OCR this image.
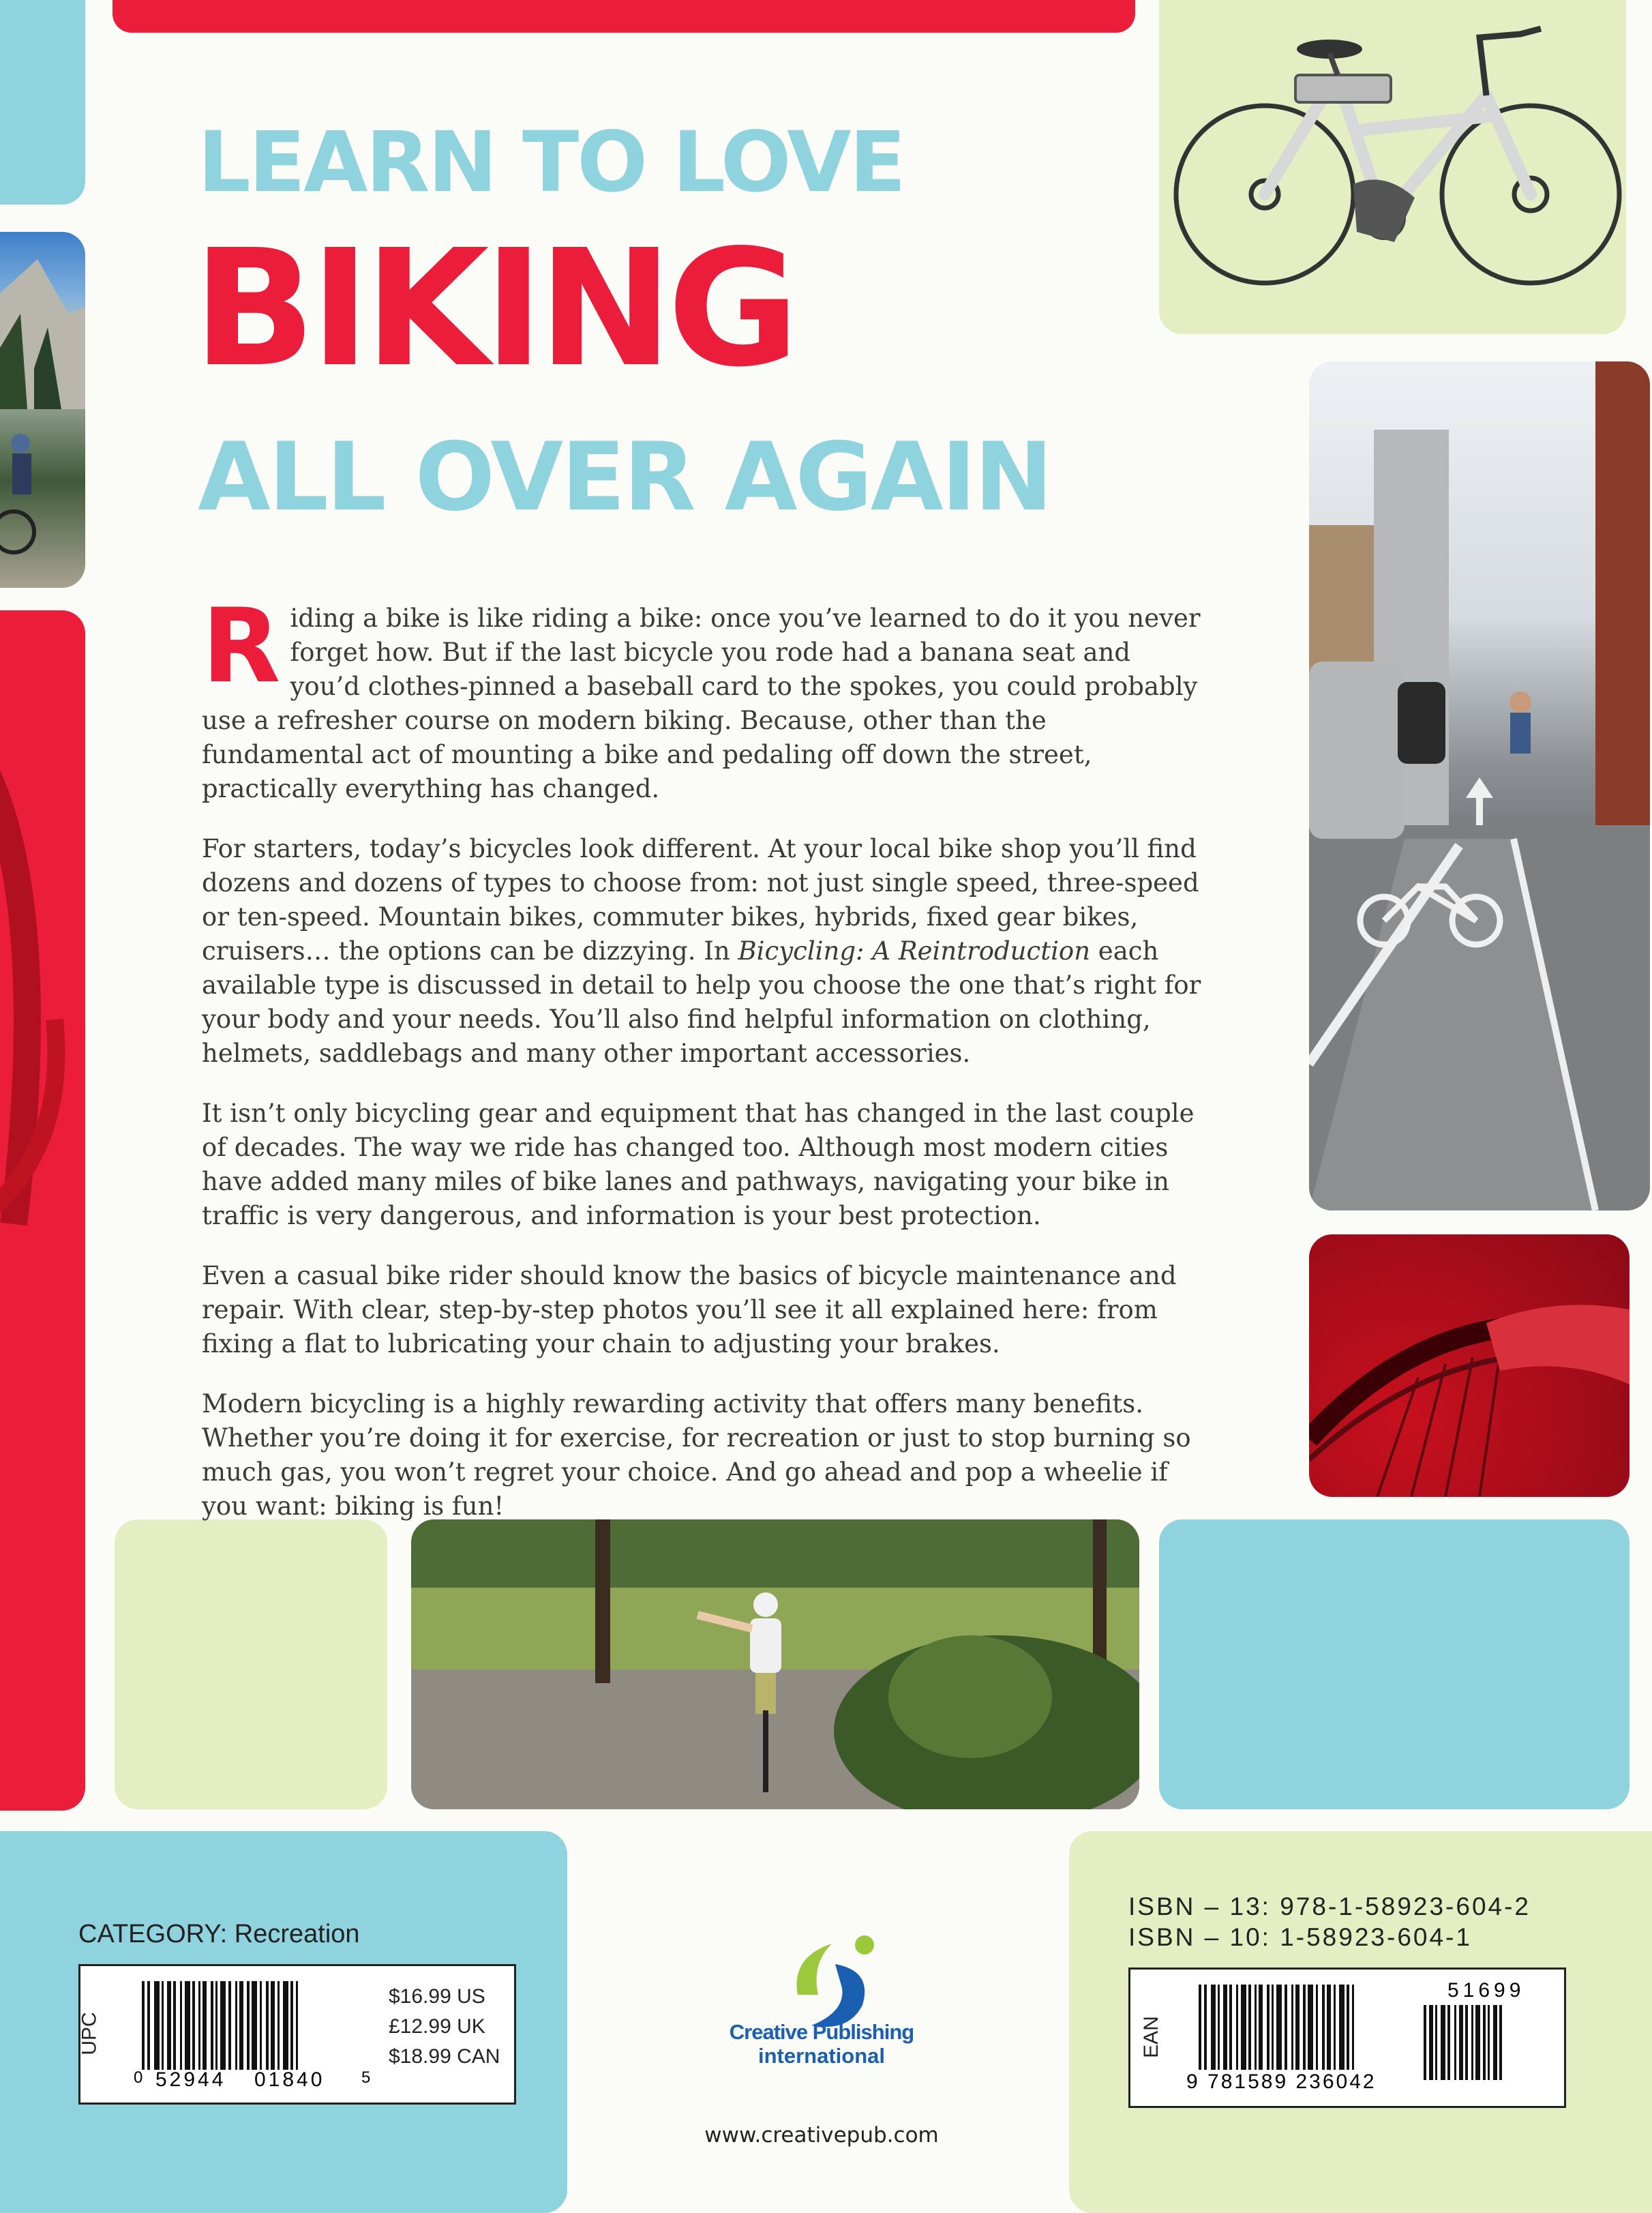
LEARN TO LOVE
BIKING
ALL OVER AGAIN

Riding a bike is like riding a bike: once you’ve learned to do it you never forget how. But if the last bicycle you rode had a banana seat and you’d clothes-pinned a baseball card to the spokes, you could probably use a refresher course on modern biking. Because, other than the fundamental act of mounting a bike and pedaling off down the street, practically everything has changed.

For starters, today’s bicycles look different. At your local bike shop you’ll find dozens and dozens of types to choose from: not just single speed, three-speed or ten-speed. Mountain bikes, commuter bikes, hybrids, fixed gear bikes, cruisers… the options can be dizzying. In Bicycling: A Reintroduction each available type is discussed in detail to help you choose the one that’s right for your body and your needs. You’ll also find helpful information on clothing, helmets, saddlebags and many other important accessories.

It isn’t only bicycling gear and equipment that has changed in the last couple of decades. The way we ride has changed too. Although most modern cities have added many miles of bike lanes and pathways, navigating your bike in traffic is very dangerous, and information is your best protection.

Even a casual bike rider should know the basics of bicycle maintenance and repair. With clear, step-by-step photos you’ll see it all explained here: from fixing a flat to lubricating your chain to adjusting your brakes.

Modern bicycling is a highly rewarding activity that offers many benefits. Whether you’re doing it for exercise, for recreation or just to stop burning so much gas, you won’t regret your choice. And go ahead and pop a wheelie if you want: biking is fun!

CATEGORY: Recreation
UPC
0 52944 01840 5
$16.99 US
£12.99 UK
$18.99 CAN
Creative Publishing
international
www.creativepub.com
ISBN – 13: 978-1-58923-604-2
ISBN – 10: 1-58923-604-1
EAN
51699
9 781589 236042
